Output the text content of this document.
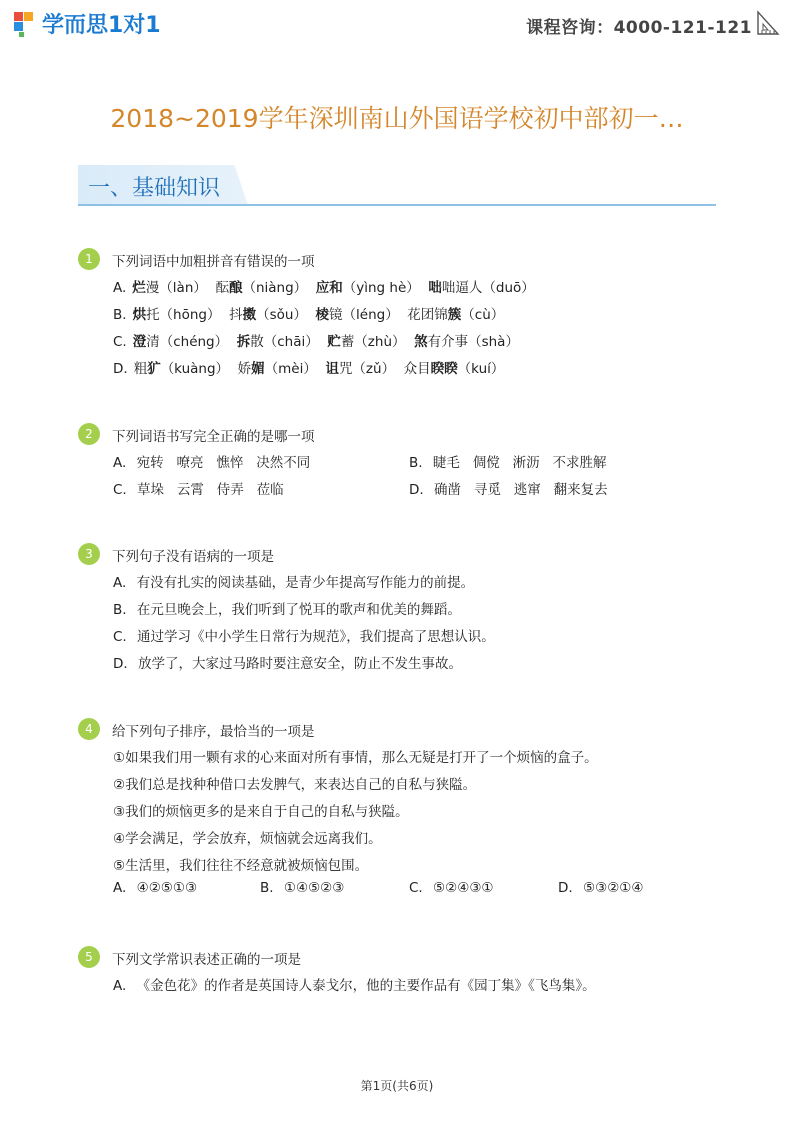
学而思1对1	课程咨询：4000-121-121
2018~2019学年深圳南山外国语学校初中部初一…
一、基础知识
1	下列词语中加粗拼音有错误的一项
A. 烂漫（làn）  酝酿（niàng）  应和（yìng hè）  咄咄逼人（duō）
B. 烘托（hōng）  抖擞（sǒu）  棱镜（léng）  花团锦簇（cù）
C. 澄清（chéng）  拆散（chāi）  贮蓄（zhù）  煞有介事（shà）
D. 粗犷（kuàng）  娇媚（mèi）  诅咒（zǔ）  众目睽睽（kuí）
2	下列词语书写完全正确的是哪一项
A. 宛转   嘹亮   憔悴   决然不同	B. 睫毛   倜傥   淅沥   不求胜解
C. 草垛   云霄   侍弄   莅临	D. 确凿   寻觅   逃窜   翻来复去
3	下列句子没有语病的一项是
A. 有没有扎实的阅读基础，是青少年提高写作能力的前提。
B. 在元旦晚会上，我们听到了悦耳的歌声和优美的舞蹈。
C. 通过学习《中小学生日常行为规范》，我们提高了思想认识。
D. 放学了，大家过马路时要注意安全，防止不发生事故。
4	给下列句子排序，最恰当的一项是
①如果我们用一颗有求的心来面对所有事情，那么无疑是打开了一个烦恼的盒子。
②我们总是找种种借口去发脾气，来表达自己的自私与狭隘。
③我们的烦恼更多的是来自于自己的自私与狭隘。
④学会满足，学会放弃，烦恼就会远离我们。
⑤生活里，我们往往不经意就被烦恼包围。
A. ④②⑤①③	B. ①④⑤②③	C. ⑤②④③①	D. ⑤③②①④
5	下列文学常识表述正确的一项是
A. 《金色花》的作者是英国诗人泰戈尔，他的主要作品有《园丁集》《飞鸟集》。
第1页(共6页)
